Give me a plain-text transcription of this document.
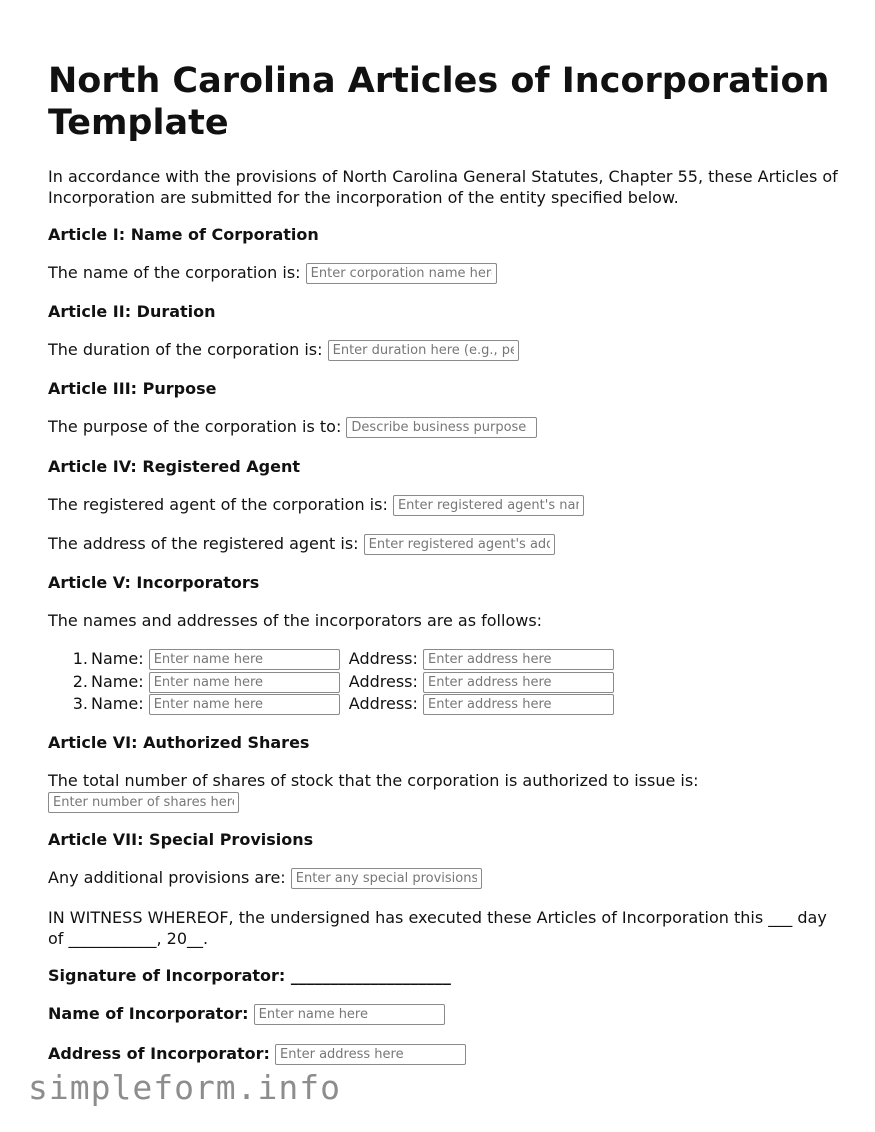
North Carolina Articles of Incorporation Template
In accordance with the provisions of North Carolina General Statutes, Chapter 55, these Articles of Incorporation are submitted for the incorporation of the entity specified below.
Article I: Name of Corporation
The name of the corporation is: Enter corporation name here
Article II: Duration
The duration of the corporation is: Enter duration here (e.g., perpetual)
Article III: Purpose
The purpose of the corporation is to: Describe business purpose
Article IV: Registered Agent
The registered agent of the corporation is: Enter registered agent's name
The address of the registered agent is: Enter registered agent's address
Article V: Incorporators
The names and addresses of the incorporators are as follows:
1. Name: Enter name here	Address: Enter address here
2. Name: Enter name here	Address: Enter address here
3. Name: Enter name here	Address: Enter address here
Article VI: Authorized Shares
The total number of shares of stock that the corporation is authorized to issue is:
Enter number of shares here
Article VII: Special Provisions
Any additional provisions are: Enter any special provisions
IN WITNESS WHEREOF, the undersigned has executed these Articles of Incorporation this ___ day of ___________, 20__.
Signature of Incorporator: ____________________
Name of Incorporator: Enter name here
Address of Incorporator: Enter address here
simpleform.info
